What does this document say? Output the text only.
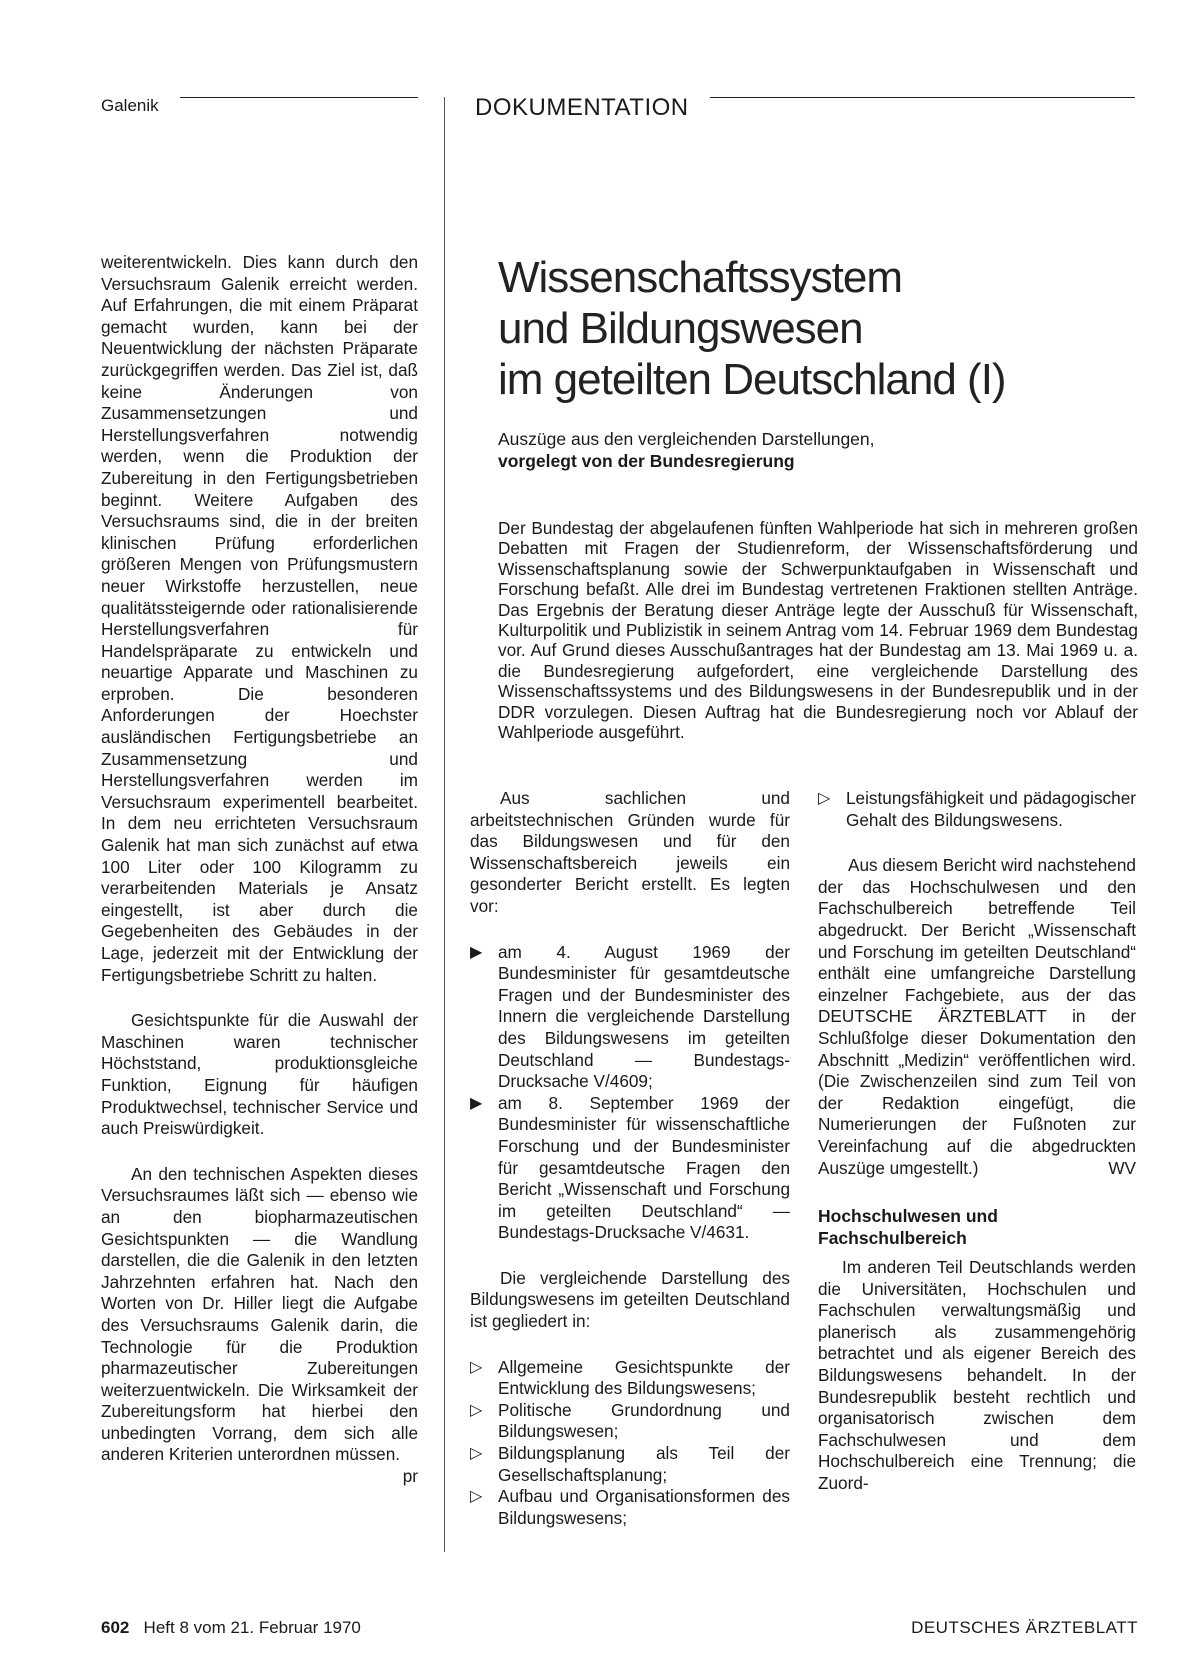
Galenik	DOKUMENTATION

weiterentwickeln. Dies kann durch den Versuchsraum Galenik erreicht werden. Auf Erfahrungen, die mit einem Präparat gemacht wurden, kann bei der Neuentwicklung der nächsten Präparate zurückgegriffen werden. Das Ziel ist, daß keine Änderungen von Zusammensetzungen und Herstellungsverfahren notwendig werden, wenn die Produktion der Zubereitung in den Fertigungsbetrieben beginnt. Weitere Aufgaben des Versuchsraums sind, die in der breiten klinischen Prüfung erforderlichen größeren Mengen von Prüfungsmustern neuer Wirkstoffe herzustellen, neue qualitätssteigernde oder rationalisierende Herstellungsverfahren für Handelspräparate zu entwickeln und neuartige Apparate und Maschinen zu erproben. Die besonderen Anforderungen der Hoechster ausländischen Fertigungsbetriebe an Zusammensetzung und Herstellungsverfahren werden im Versuchsraum experimentell bearbeitet. In dem neu errichteten Versuchsraum Galenik hat man sich zunächst auf etwa 100 Liter oder 100 Kilogramm zu verarbeitenden Materials je Ansatz eingestellt, ist aber durch die Gegebenheiten des Gebäudes in der Lage, jederzeit mit der Entwicklung der Fertigungsbetriebe Schritt zu halten.

Gesichtspunkte für die Auswahl der Maschinen waren technischer Höchststand, produktionsgleiche Funktion, Eignung für häufigen Produktwechsel, technischer Service und auch Preiswürdigkeit.

An den technischen Aspekten dieses Versuchsraumes läßt sich — ebenso wie an den biopharmazeutischen Gesichtspunkten — die Wandlung darstellen, die die Galenik in den letzten Jahrzehnten erfahren hat. Nach den Worten von Dr. Hiller liegt die Aufgabe des Versuchsraums Galenik darin, die Technologie für die Produktion pharmazeutischer Zubereitungen weiterzuentwickeln. Die Wirksamkeit der Zubereitungsform hat hierbei den unbedingten Vorrang, dem sich alle anderen Kriterien unterordnen müssen.
pr

Wissenschaftssystem
und Bildungswesen
im geteilten Deutschland (I)
Auszüge aus den vergleichenden Darstellungen,
vorgelegt von der Bundesregierung
Der Bundestag der abgelaufenen fünften Wahlperiode hat sich in mehreren großen Debatten mit Fragen der Studienreform, der Wissenschaftsförderung und Wissenschaftsplanung sowie der Schwerpunktaufgaben in Wissenschaft und Forschung befaßt. Alle drei im Bundestag vertretenen Fraktionen stellten Anträge. Das Ergebnis der Beratung dieser Anträge legte der Ausschuß für Wissenschaft, Kulturpolitik und Publizistik in seinem Antrag vom 14. Februar 1969 dem Bundestag vor. Auf Grund dieses Ausschußantrages hat der Bundestag am 13. Mai 1969 u. a. die Bundesregierung aufgefordert, eine vergleichende Darstellung des Wissenschaftssystems und des Bildungswesens in der Bundesrepublik und in der DDR vorzulegen. Diesen Auftrag hat die Bundesregierung noch vor Ablauf der Wahlperiode ausgeführt.

Aus sachlichen und arbeitstechnischen Gründen wurde für das Bildungswesen und für den Wissenschaftsbereich jeweils ein gesonderter Bericht erstellt. Es legten vor:

▶ am 4. August 1969 der Bundesminister für gesamtdeutsche Fragen und der Bundesminister des Innern die vergleichende Darstellung des Bildungswesens im geteilten Deutschland — Bundestags-Drucksache V/4609;
▶ am 8. September 1969 der Bundesminister für wissenschaftliche Forschung und der Bundesminister für gesamtdeutsche Fragen den Bericht „Wissenschaft und Forschung im geteilten Deutschland“ — Bundestags-Drucksache V/4631.

Die vergleichende Darstellung des Bildungswesens im geteilten Deutschland ist gegliedert in:

▷ Allgemeine Gesichtspunkte der Entwicklung des Bildungswesens;
▷ Politische Grundordnung und Bildungswesen;
▷ Bildungsplanung als Teil der Gesellschaftsplanung;
▷ Aufbau und Organisationsformen des Bildungswesens;
▷ Leistungsfähigkeit und pädagogischer Gehalt des Bildungswesens.

Aus diesem Bericht wird nachstehend der das Hochschulwesen und den Fachschulbereich betreffende Teil abgedruckt. Der Bericht „Wissenschaft und Forschung im geteilten Deutschland“ enthält eine umfangreiche Darstellung einzelner Fachgebiete, aus der das DEUTSCHE ÄRZTEBLATT in der Schlußfolge dieser Dokumentation den Abschnitt „Medizin“ veröffentlichen wird. (Die Zwischenzeilen sind zum Teil von der Redaktion eingefügt, die Numerierungen der Fußnoten zur Vereinfachung auf die abgedruckten Auszüge umgestellt.)	WV

Hochschulwesen und Fachschulbereich

Im anderen Teil Deutschlands werden die Universitäten, Hochschulen und Fachschulen verwaltungsmäßig und planerisch als zusammengehörig betrachtet und als eigener Bereich des Bildungswesens behandelt. In der Bundesrepublik besteht rechtlich und organisatorisch zwischen dem Fachschulwesen und dem Hochschulbereich eine Trennung; die Zuord-

602 Heft 8 vom 21. Februar 1970	DEUTSCHES ÄRZTEBLATT
